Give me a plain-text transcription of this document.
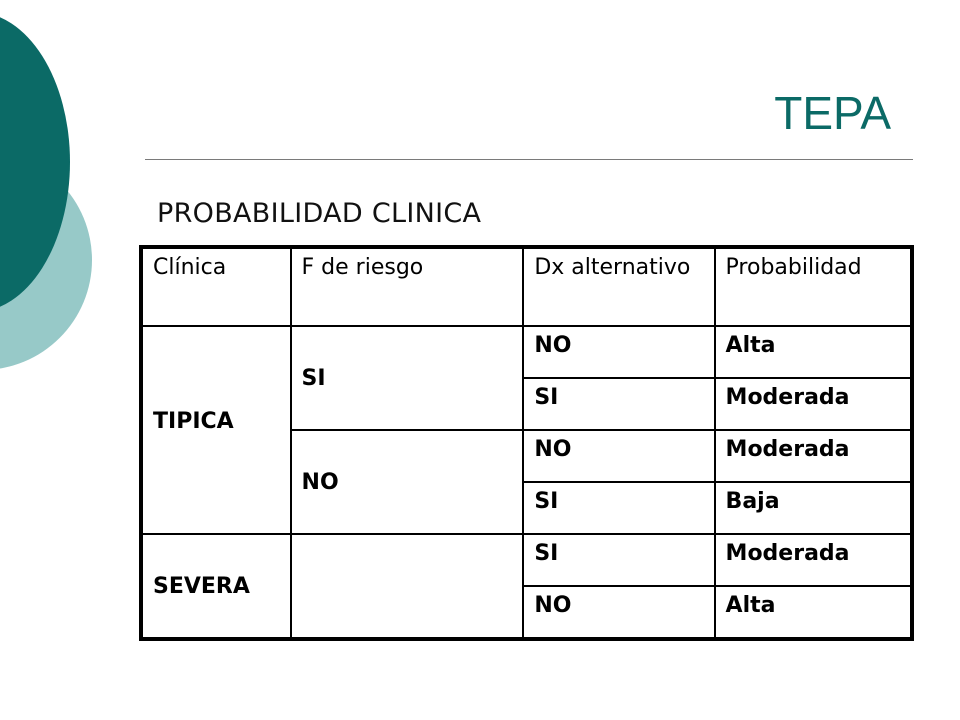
TEPA
PROBABILIDAD CLINICA
Clínica	F de riesgo	Dx alternativo	Probabilidad
TIPICA	SI	NO	Alta
		SI	Moderada
	NO	NO	Moderada
		SI	Baja
SEVERA		SI	Moderada
		NO	Alta
